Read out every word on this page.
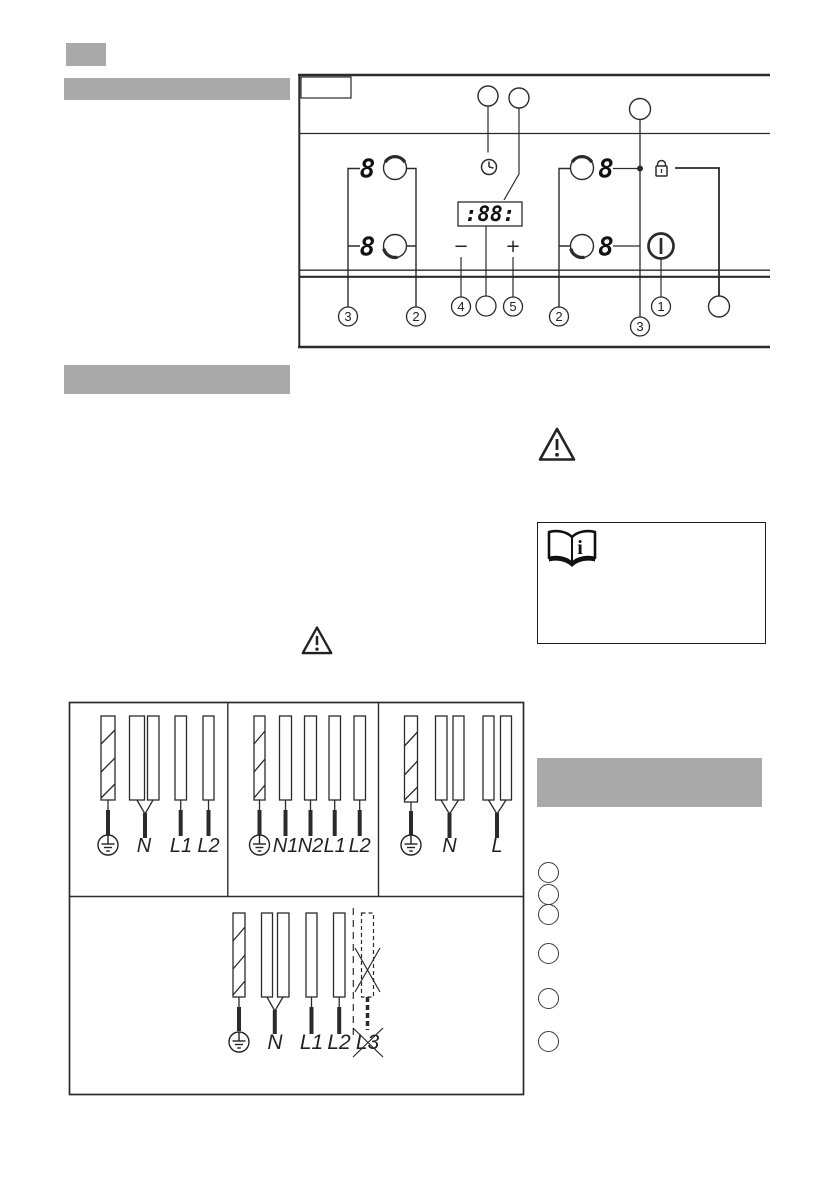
8
8
:88:
− +
8
8
3	2
4	5
2
3
1
i
N L1 L2	N1 N2 L1 L2	N L
N L1 L2 L3
